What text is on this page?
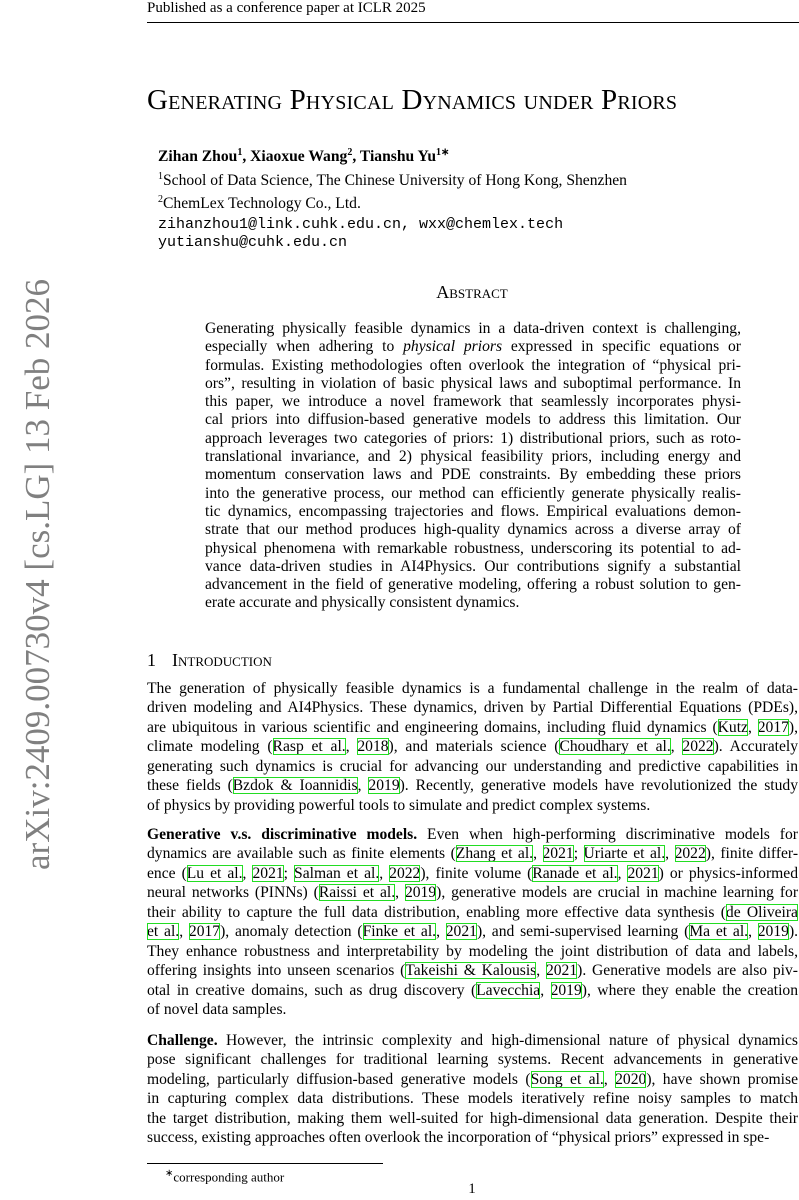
Published as a conference paper at ICLR 2025
arXiv:2409.00730v4 [cs.LG] 13 Feb 2026
Generating Physical Dynamics under Priors
Zihan Zhou$^1$, Xiaoxue Wang$^2$, Tianshu $Yu^{1∗}$
$^1$School of Data Science, The Chinese University of Hong Kong, Shenzhen
$^2$ChemLex Technology Co., Ltd.
zihanzhou1@link.cuhk.edu.cn, wxx@chemlex.tech
yutianshu@cuhk.edu.cn
Abstract
Generating physically feasible dynamics in a data-driven context is challenging,
especially when adhering to physical priors expressed in specific equations or
formulas. Existing methodologies often overlook the integration of “physical pri-
ors”, resulting in violation of basic physical laws and suboptimal performance. In
this paper, we introduce a novel framework that seamlessly incorporates physi-
cal priors into diffusion-based generative models to address this limitation. Our
approach leverages two categories of priors: 1) distributional priors, such as roto-
translational invariance, and 2) physical feasibility priors, including energy and
momentum conservation laws and PDE constraints. By embedding these priors
into the generative process, our method can efficiently generate physically realis-
tic dynamics, encompassing trajectories and flows. Empirical evaluations demon-
strate that our method produces high-quality dynamics across a diverse array of
physical phenomena with remarkable robustness, underscoring its potential to ad-
vance data-driven studies in AI4Physics. Our contributions signify a substantial
advancement in the field of generative modeling, offering a robust solution to gen-
erate accurate and physically consistent dynamics.
1 Introduction
The generation of physically feasible dynamics is a fundamental challenge in the realm of data-
driven modeling and AI4Physics. These dynamics, driven by Partial Differential Equations (PDEs),
are ubiquitous in various scientific and engineering domains, including fluid dynamics (Kutz, 2017),
climate modeling (Rasp et al., 2018), and materials science (Choudhary et al., 2022). Accurately
generating such dynamics is crucial for advancing our understanding and predictive capabilities in
these fields (Bzdok & Ioannidis, 2019). Recently, generative models have revolutionized the study
of physics by providing powerful tools to simulate and predict complex systems.
Generative v.s. discriminative models. Even when high-performing discriminative models for
dynamics are available such as finite elements (Zhang et al., 2021; Uriarte et al., 2022), finite differ-
ence (Lu et al., 2021; Salman et al., 2022), finite volume (Ranade et al., 2021) or physics-informed
neural networks (PINNs) (Raissi et al., 2019), generative models are crucial in machine learning for
their ability to capture the full data distribution, enabling more effective data synthesis (de Oliveira
et al., 2017), anomaly detection (Finke et al., 2021), and semi-supervised learning (Ma et al., 2019).
They enhance robustness and interpretability by modeling the joint distribution of data and labels,
offering insights into unseen scenarios (Takeishi & Kalousis, 2021). Generative models are also piv-
otal in creative domains, such as drug discovery (Lavecchia, 2019), where they enable the creation
of novel data samples.
Challenge. However, the intrinsic complexity and high-dimensional nature of physical dynamics
pose significant challenges for traditional learning systems. Recent advancements in generative
modeling, particularly diffusion-based generative models (Song et al., 2020), have shown promise
in capturing complex data distributions. These models iteratively refine noisy samples to match
the target distribution, making them well-suited for high-dimensional data generation. Despite their
success, existing approaches often overlook the incorporation of “physical priors” expressed in spe-
∗corresponding author
1
